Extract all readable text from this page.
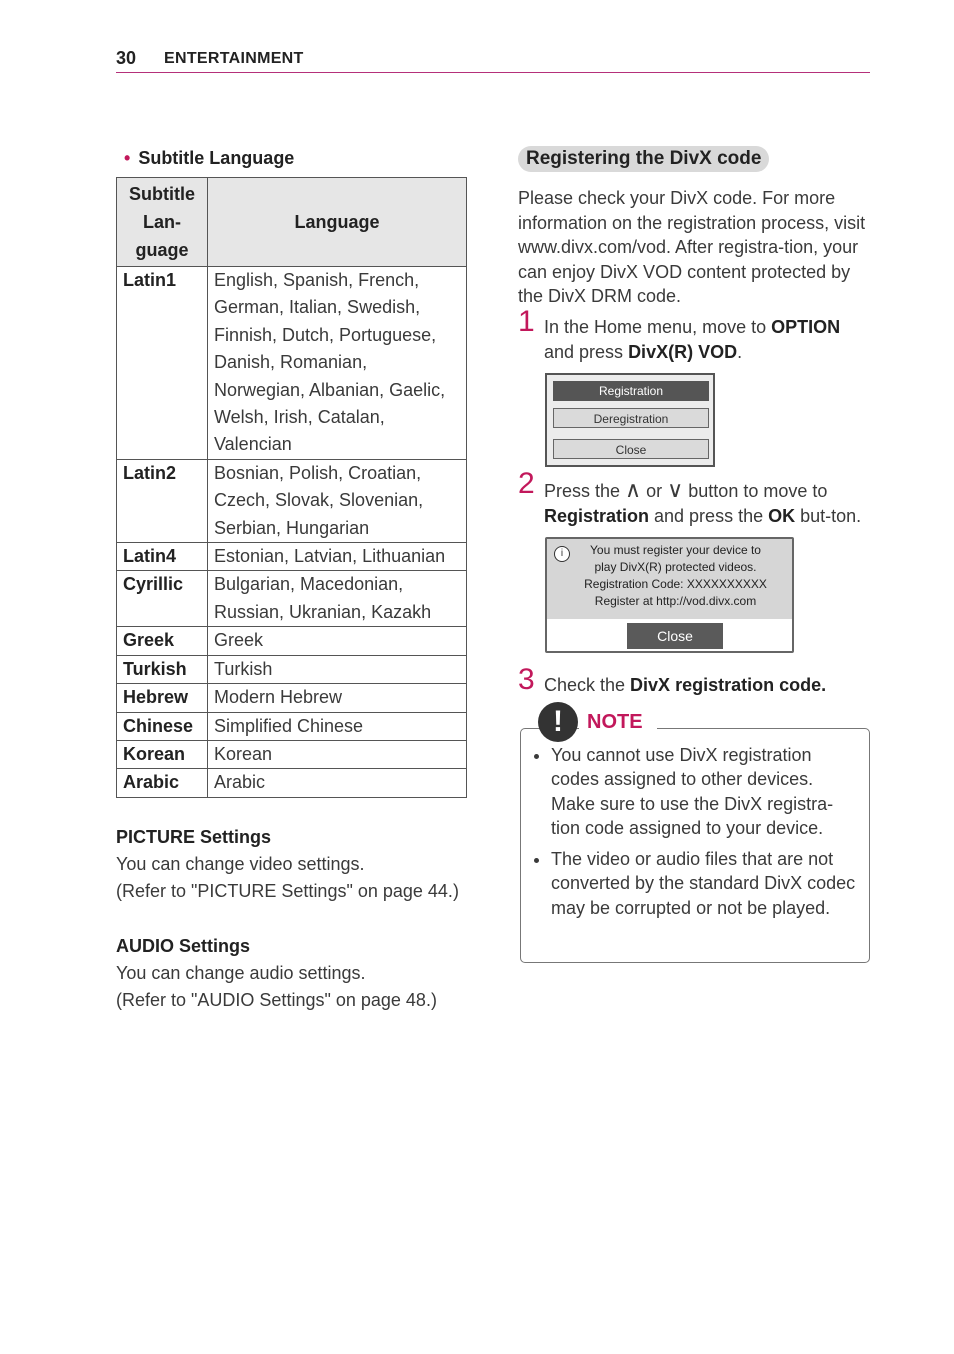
30 ENTERTAINMENT
• Subtitle Language
Subtitle Lan-guage	Language
Latin1	English, Spanish, French, German, Italian, Swedish, Finnish, Dutch, Portuguese, Danish, Romanian, Norwegian, Albanian, Gaelic, Welsh, Irish, Catalan, Valencian
Latin2	Bosnian, Polish, Croatian, Czech, Slovak, Slovenian, Serbian, Hungarian
Latin4	Estonian, Latvian, Lithuanian
Cyrillic	Bulgarian, Macedonian, Russian, Ukranian, Kazakh
Greek	Greek
Turkish	Turkish
Hebrew	Modern Hebrew
Chinese	Simplified Chinese
Korean	Korean
Arabic	Arabic
PICTURE Settings

You can change video settings.
(Refer to "PICTURE Settings" on page 44.)

AUDIO Settings

You can change audio settings.
(Refer to "AUDIO Settings" on page 48.)

Registering the DivX code

Please check your DivX code. For more information on the registration process, visit www.divx.com/vod. After registra-tion, your can enjoy DivX VOD content protected by the DivX DRM code.

1 In the Home menu, move to OPTION and press DivX(R) VOD.
Registration
Deregistration
Close
2 Press the ∧ or ∨ button to move to Registration and press the OK but-ton.
i	You must register your device to
play DivX(R) protected videos.
Registration Code: XXXXXXXXXX
Register at http://vod.divx.com
Close
3 Check the DivX registration code.
!	NOTE
• You cannot use DivX registration codes assigned to other devices. Make sure to use the DivX registra-tion code assigned to your device.
• The video or audio files that are not converted by the standard DivX codec may be corrupted or not be played.
